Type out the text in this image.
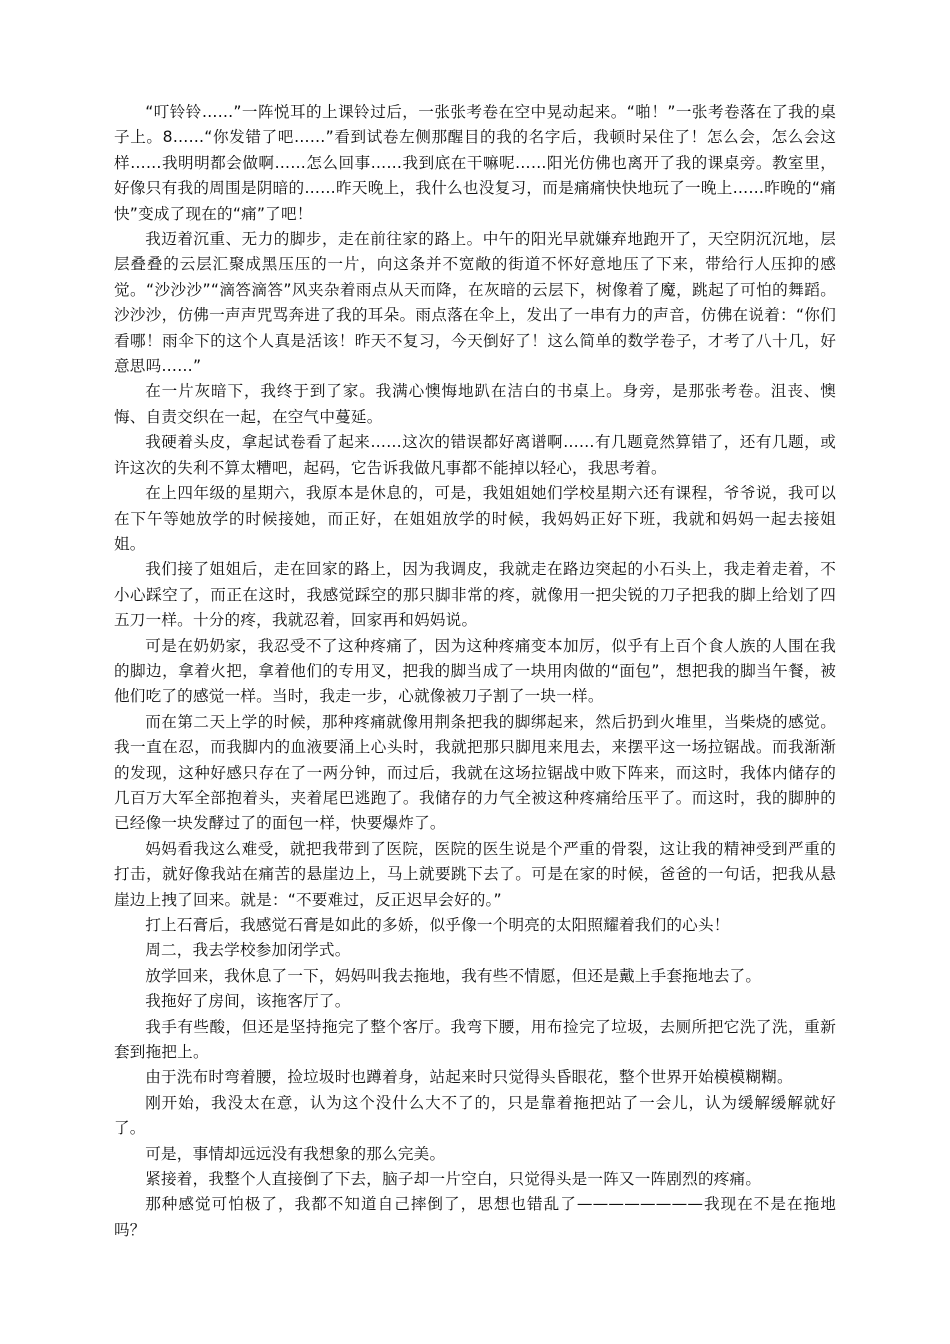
“叮铃铃……”一阵悦耳的上课铃过后，一张张考卷在空中晃动起来。“啪！”一张考卷落在了我的桌子上。8……“你发错了吧……”看到试卷左侧那醒目的我的名字后，我顿时呆住了！怎么会，怎么会这样……我明明都会做啊……怎么回事……我到底在干嘛呢……阳光仿佛也离开了我的课桌旁。教室里，好像只有我的周围是阴暗的……昨天晚上，我什么也没复习，而是痛痛快快地玩了一晚上……昨晚的“痛快”变成了现在的“痛”了吧！

我迈着沉重、无力的脚步，走在前往家的路上。中午的阳光早就嫌弃地跑开了，天空阴沉沉地，层层叠叠的云层汇聚成黑压压的一片，向这条并不宽敞的街道不怀好意地压了下来，带给行人压抑的感觉。“沙沙沙”“滴答滴答”风夹杂着雨点从天而降，在灰暗的云层下，树像着了魔，跳起了可怕的舞蹈。沙沙沙，仿佛一声声咒骂奔进了我的耳朵。雨点落在伞上，发出了一串有力的声音，仿佛在说着：“你们看哪！雨伞下的这个人真是活该！昨天不复习，今天倒好了！这么简单的数学卷子，才考了八十几，好意思吗……”

在一片灰暗下，我终于到了家。我满心懊悔地趴在洁白的书桌上。身旁，是那张考卷。沮丧、懊悔、自责交织在一起，在空气中蔓延。

我硬着头皮，拿起试卷看了起来……这次的错误都好离谱啊……有几题竟然算错了，还有几题，或许这次的失利不算太糟吧，起码，它告诉我做凡事都不能掉以轻心，我思考着。

在上四年级的星期六，我原本是休息的，可是，我姐姐她们学校星期六还有课程，爷爷说，我可以在下午等她放学的时候接她，而正好，在姐姐放学的时候，我妈妈正好下班，我就和妈妈一起去接姐姐。

我们接了姐姐后，走在回家的路上，因为我调皮，我就走在路边突起的小石头上，我走着走着，不小心踩空了，而正在这时，我感觉踩空的那只脚非常的疼，就像用一把尖锐的刀子把我的脚上给划了四五刀一样。十分的疼，我就忍着，回家再和妈妈说。

可是在奶奶家，我忍受不了这种疼痛了，因为这种疼痛变本加厉，似乎有上百个食人族的人围在我的脚边，拿着火把，拿着他们的专用叉，把我的脚当成了一块用肉做的“面包”，想把我的脚当午餐，被他们吃了的感觉一样。当时，我走一步，心就像被刀子割了一块一样。

而在第二天上学的时候，那种疼痛就像用荆条把我的脚绑起来，然后扔到火堆里，当柴烧的感觉。我一直在忍，而我脚内的血液要涌上心头时，我就把那只脚甩来甩去，来摆平这一场拉锯战。而我渐渐的发现，这种好感只存在了一两分钟，而过后，我就在这场拉锯战中败下阵来，而这时，我体内储存的几百万大军全部抱着头，夹着尾巴逃跑了。我储存的力气全被这种疼痛给压平了。而这时，我的脚肿的已经像一块发酵过了的面包一样，快要爆炸了。

妈妈看我这么难受，就把我带到了医院，医院的医生说是个严重的骨裂，这让我的精神受到严重的打击，就好像我站在痛苦的悬崖边上，马上就要跳下去了。可是在家的时候，爸爸的一句话，把我从悬崖边上拽了回来。就是：“不要难过，反正迟早会好的。”

打上石膏后，我感觉石膏是如此的多娇，似乎像一个明亮的太阳照耀着我们的心头！

周二，我去学校参加闭学式。

放学回来，我休息了一下，妈妈叫我去拖地，我有些不情愿，但还是戴上手套拖地去了。

我拖好了房间，该拖客厅了。

我手有些酸，但还是坚持拖完了整个客厅。我弯下腰，用布捡完了垃圾，去厕所把它洗了洗，重新套到拖把上。

由于洗布时弯着腰，捡垃圾时也蹲着身，站起来时只觉得头昏眼花，整个世界开始模模糊糊。

刚开始，我没太在意，认为这个没什么大不了的，只是靠着拖把站了一会儿，认为缓解缓解就好了。

可是，事情却远远没有我想象的那么完美。

紧接着，我整个人直接倒了下去，脑子却一片空白，只觉得头是一阵又一阵剧烈的疼痛。

那种感觉可怕极了，我都不知道自己摔倒了，思想也错乱了————————我现在不是在拖地吗？
